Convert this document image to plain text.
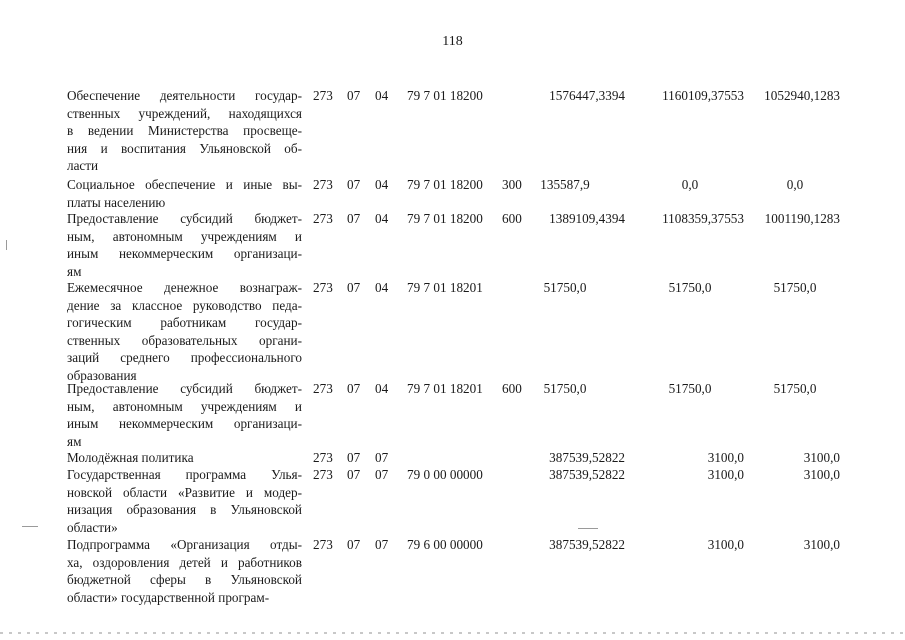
118
Обеспечение деятельности государ-
ственных учреждений, находящихся
в ведении Министерства просвеще-
ния и воспитания Ульяновской об-
ласти
273 07 04 79 7 01 18200	1576447,3394	1160109,37553	1052940,1283
Социальное обеспечение и иные вы-
платы населению
273 07 04 79 7 01 18200 300	135587,9	0,0	0,0
Предоставление субсидий бюджет-
ным, автономным учреждениям и
иным некоммерческим организаци-
ям
273 07 04 79 7 01 18200 600	1389109,4394	1108359,37553	1001190,1283
Ежемесячное денежное вознаграж-
дение за классное руководство педа-
гогическим работникам государ-
ственных образовательных органи-
заций среднего профессионального
образования
273 07 04 79 7 01 18201	51750,0	51750,0	51750,0
Предоставление субсидий бюджет-
ным, автономным учреждениям и
иным некоммерческим организаци-
ям
273 07 04 79 7 01 18201 600	51750,0	51750,0	51750,0
Молодёжная политика	273 07 07	387539,52822	3100,0	3100,0
Государственная программа Улья-
новской области «Развитие и модер-
низация образования в Ульяновской
области»
273 07 07 79 0 00 00000	387539,52822	3100,0	3100,0
Подпрограмма «Организация отды-
ха, оздоровления детей и работников
бюджетной сферы в Ульяновской
области» государственной програм-
273 07 07 79 6 00 00000	387539,52822	3100,0	3100,0
